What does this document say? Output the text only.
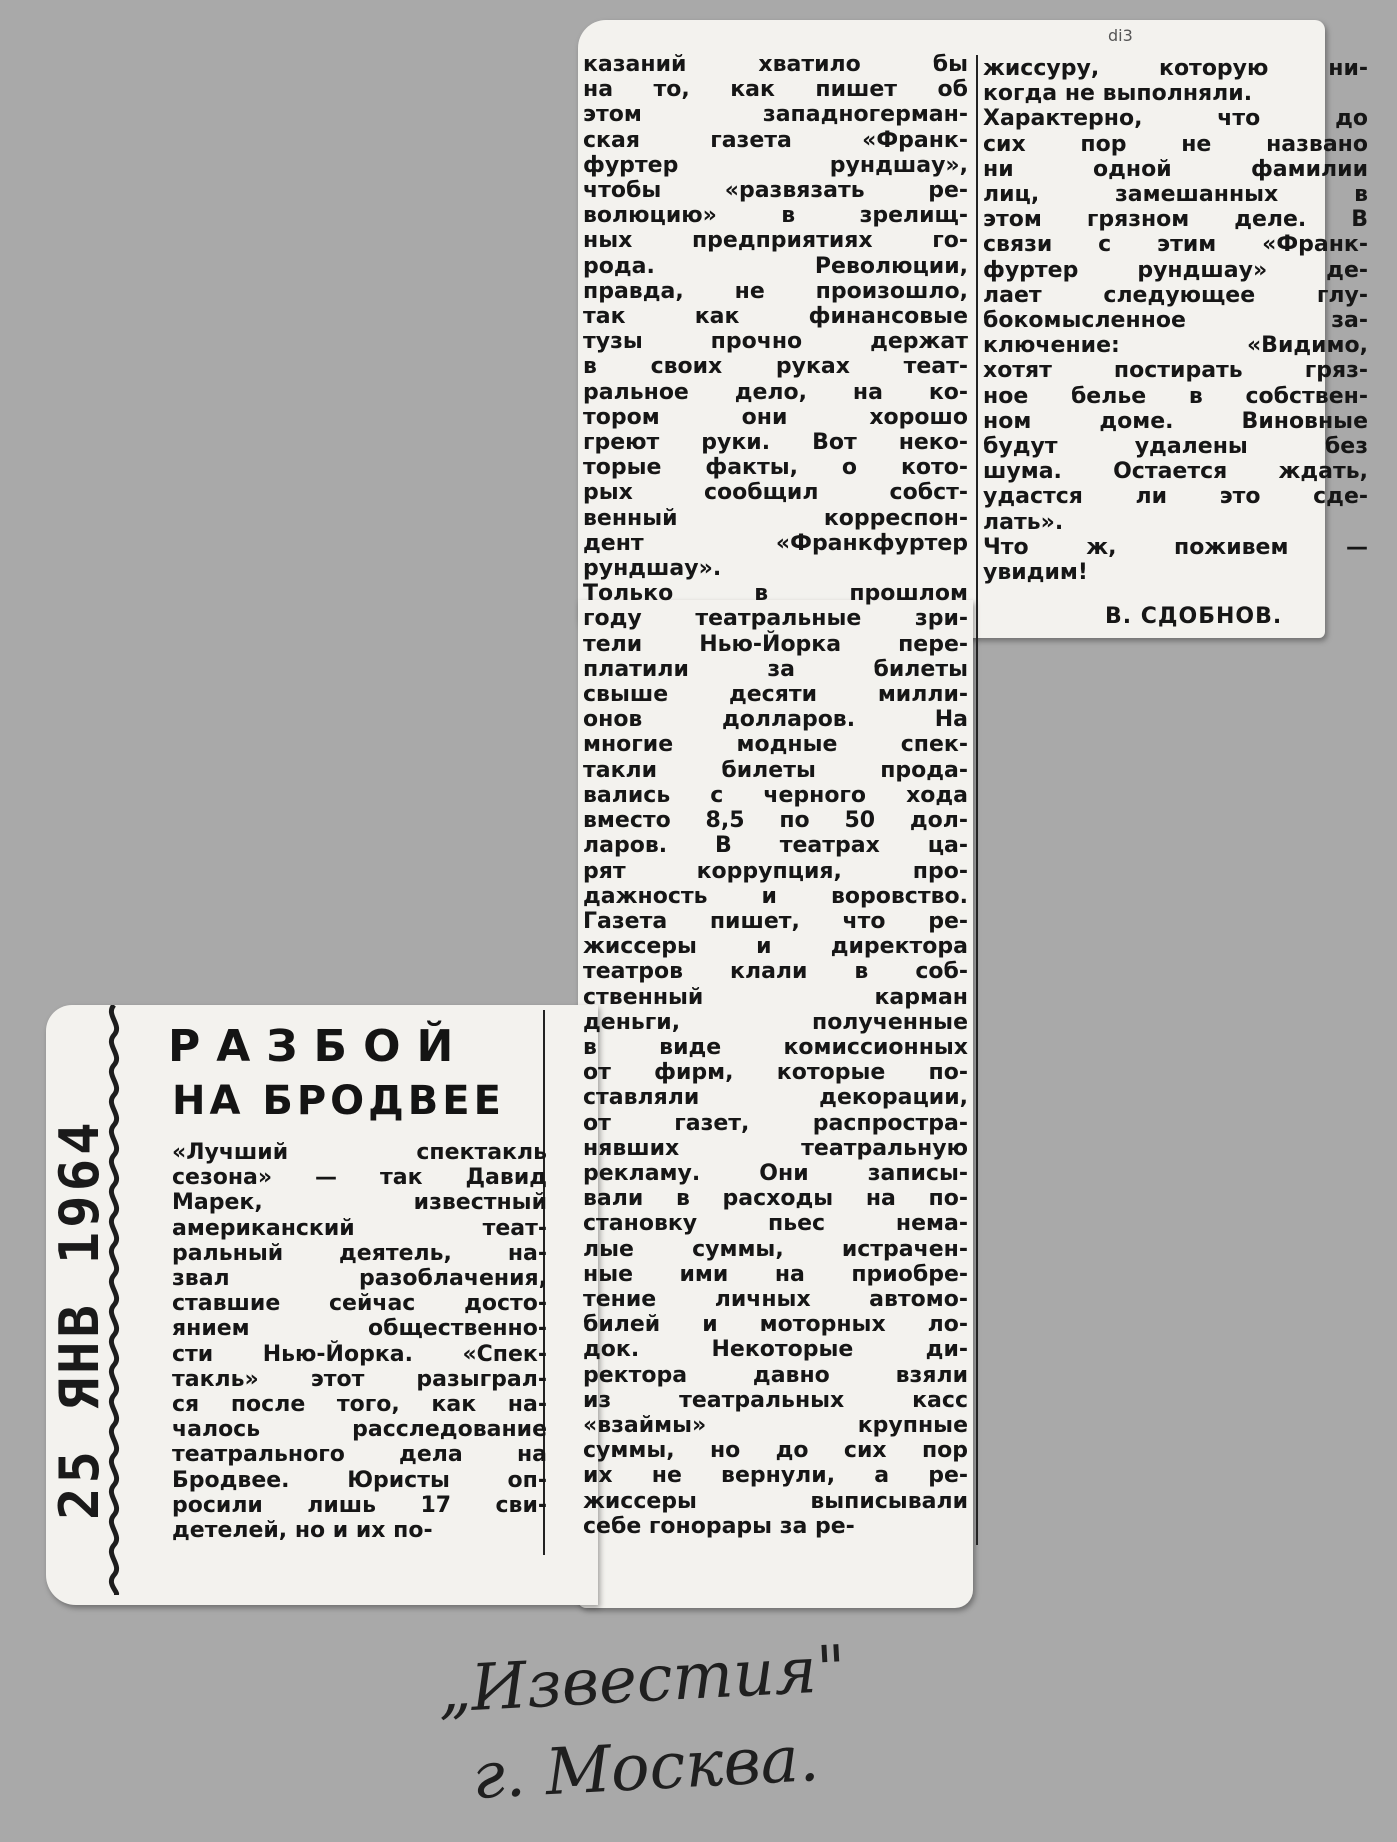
di3
РАЗБОЙ
НА БРОДВЕЕ
«Лучший спектакль
сезона» — так Давид
Марек, известный
американский теат-
ральный деятель, на-
звал разоблачения,
ставшие сейчас досто-
янием общественно-
сти Нью-Йорка. «Спек-
такль» этот разыграл-
ся после того, как на-
чалось расследование
театрального дела на
Бродвее. Юристы оп-
росили лишь 17 сви-
детелей, но и их по-
казаний хватило бы
на то, как пишет об
этом западногерман-
ская газета «Франк-
фуртер рундшау»,
чтобы «развязать ре-
волюцию» в зрелищ-
ных предприятиях го-
рода. Революции,
правда, не произошло,
так как финансовые
тузы прочно держат
в своих руках теат-
ральное дело, на ко-
тором они хорошо
греют руки. Вот неко-
торые факты, о кото-
рых сообщил собст-
венный корреспон-
дент «Франкфуртер
рундшау».
Только в прошлом
году театральные зри-
тели Нью-Йорка пере-
платили за билеты
свыше десяти милли-
онов долларов. На
многие модные спек-
такли билеты прода-
вались с черного хода
вместо 8,5 по 50 дол-
ларов. В театрах ца-
рят коррупция, про-
дажность и воровство.
Газета пишет, что ре-
жиссеры и директора
театров клали в соб-
ственный карман
деньги, полученные
в виде комиссионных
от фирм, которые по-
ставляли декорации,
от газет, распростра-
нявших театральную
рекламу. Они записы-
вали в расходы на по-
становку пьес нема-
лые суммы, истрачен-
ные ими на приобре-
тение личных автомо-
билей и моторных ло-
док. Некоторые ди-
ректора давно взяли
из театральных касс
«взаймы» крупные
суммы, но до сих пор
их не вернули, а ре-
жиссеры выписывали
себе гонорары за ре-
жиссуру, которую ни-
когда не выполняли.
Характерно, что до
сих пор не названо
ни одной фамилии
лиц, замешанных в
этом грязном деле. В
связи с этим «Франк-
фуртер рундшау» де-
лает следующее глу-
бокомысленное за-
ключение: «Видимо,
хотят постирать гряз-
ное белье в собствен-
ном доме. Виновные
будут удалены без
шума. Остается ждать,
удастся ли это сде-
лать».
Что ж, поживем —
увидим!
В. СДОБНОВ.
25 ЯНВ 1964
„Известия"
г. Москва.
